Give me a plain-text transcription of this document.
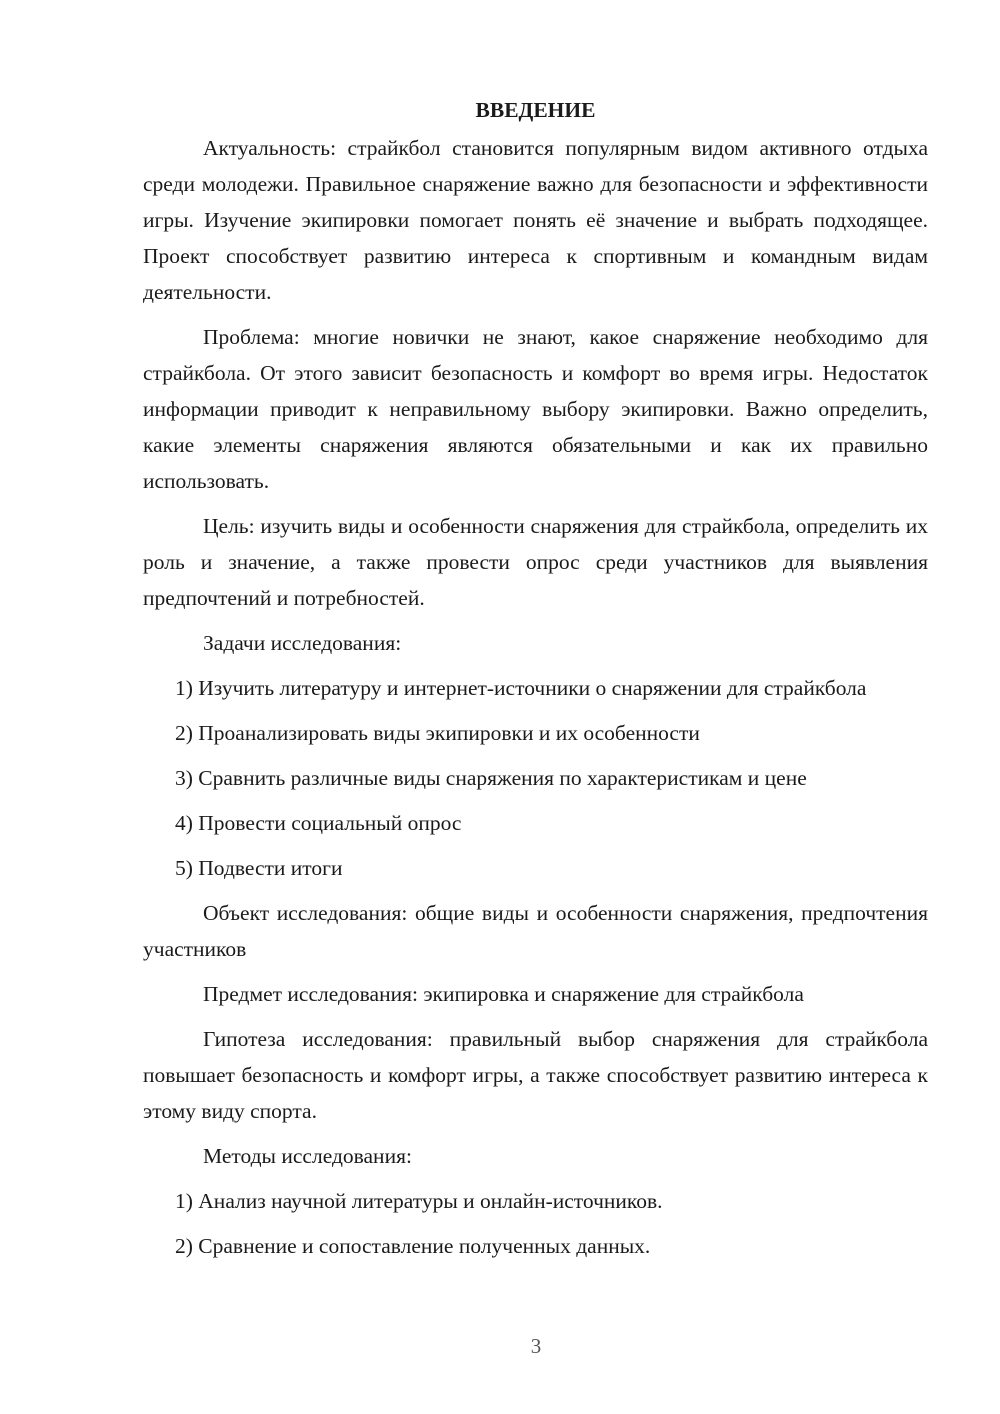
ВВЕДЕНИЕ

Актуальность: страйкбол становится популярным видом активного отдыха среди молодежи. Правильное снаряжение важно для безопасности и эффективности игры. Изучение экипировки помогает понять её значение и выбрать подходящее. Проект способствует развитию интереса к спортивным и командным видам деятельности.

Проблема: многие новички не знают, какое снаряжение необходимо для страйкбола. От этого зависит безопасность и комфорт во время игры. Недостаток информации приводит к неправильному выбору экипировки. Важно определить, какие элементы снаряжения являются обязательными и как их правильно использовать.

Цель: изучить виды и особенности снаряжения для страйкбола, определить их роль и значение, а также провести опрос среди участников для выявления предпочтений и потребностей.

Задачи исследования:

1) Изучить литературу и интернет-источники о снаряжении для страйкбола

2) Проанализировать виды экипировки и их особенности

3) Сравнить различные виды снаряжения по характеристикам и цене

4) Провести социальный опрос

5) Подвести итоги

Объект исследования: общие виды и особенности снаряжения, предпочтения участников

Предмет исследования: экипировка и снаряжение для страйкбола

Гипотеза исследования: правильный выбор снаряжения для страйкбола повышает безопасность и комфорт игры, а также способствует развитию интереса к этому виду спорта.

Методы исследования:

1) Анализ научной литературы и онлайн-источников.

2) Сравнение и сопоставление полученных данных.

3
